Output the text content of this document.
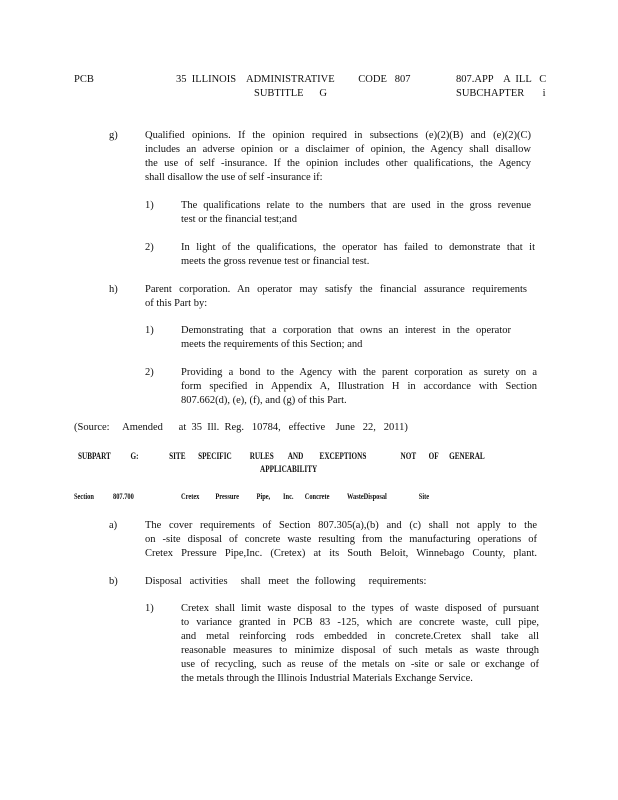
PCB	35  ILLINOIS    ADMINISTRATIVE         CODE   807
SUBTITLE      G
807.APP    A  ILL   C
SUBCHAPTER       i
g)	Qualified opinions. If the opinion required in subsections (e)(2)(B) and (e)(2)(C)

includes an adverse opinion or a disclaimer of opinion, the Agency shall disallow

the use of self -insurance. If the opinion includes other qualifications, the Agency

shall disallow the use of self -insurance if:

1)	The qualifications relate to the numbers that are used in the gross revenue

test or the financial test;and

2)	In light of the qualifications, the operator has failed to demonstrate that it

meets the gross revenue test or financial test.

h)	Parent corporation. An operator may satisfy the financial assurance requirements

of this Part by:

1)	Demonstrating that a corporation that owns an interest in the operator

meets the requirements of this Section; and

2)	Providing a bond to the Agency with the parent corporation as surety on a

form specified in Appendix A, Illustration H in accordance with Section

807.662(d), (e), (f), and (g) of this Part.

(Source:     Amended      at  35  Ill.  Reg.   10784,   effective    June   22,   2011)
SUBPART           G:                 SITE       SPECIFIC          RULES        AND         EXCEPTIONS                   NOT       OF      GENERAL
APPLICABILITY
Section 807.700	Cretex          Pressure           Pipe,        Inc.       Concrete           WasteDisposal                    Site
a)	The cover requirements of Section 807.305(a),(b) and (c) shall not apply to the

on -site disposal of concrete waste resulting from the manufacturing operations of

Cretex Pressure Pipe,Inc. (Cretex) at its South Beloit, Winnebago County, plant.

b)	Disposal   activities     shall   meet   the  following     requirements:
1)	Cretex shall limit waste disposal to the types of waste disposed of pursuant

to variance granted in PCB 83 -125, which are concrete waste, cull pipe,

and metal reinforcing rods embedded in concrete.Cretex shall take all

reasonable measures to minimize disposal of such metals as waste through

use of recycling, such as reuse of the metals on -site or sale or exchange of

the metals through the Illinois Industrial Materials Exchange Service.
